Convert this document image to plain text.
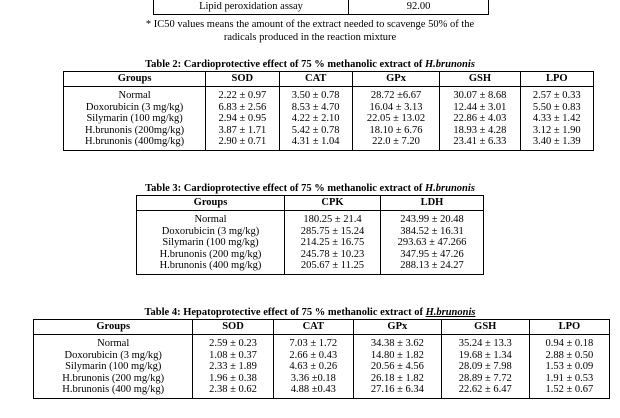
Lipid peroxidation assay	92.00
* IC50 values means the amount of the extract needed to scavenge 50% of the
radicals produced in the reaction mixture
Table 2: Cardioprotective effect of 75 % methanolic extract of H.brunonis
Groups	SOD	CAT	GPx	GSH	LPO
Normal	2.22 ± 0.97	3.50 ± 0.78	28.72 ±6.67	30.07 ± 8.68	2.57 ± 0.33
Doxorubicin (3 mg/kg)	6.83 ± 2.56	8.53 ± 4.70	16.04 ± 3.13	12.44 ± 3.01	5.50 ± 0.83
Silymarin (100 mg/kg)	2.94 ± 0.95	4.22 ± 2.10	22.05 ± 13.02	22.86 ± 4.03	4.33 ± 1.42
H.brunonis (200mg/kg)	3.87 ± 1.71	5.42 ± 0.78	18.10 ± 6.76	18.93 ± 4.28	3.12 ± 1.90
H.brunonis (400mg/kg)	2.90 ± 0.71	4.31 ± 1.04	22.0 ± 7.20	23.41 ± 6.33	3.40 ± 1.39
Table 3: Cardioprotective effect of 75 % methanolic extract of H.brunonis
Groups	CPK	LDH
Normal	180.25 ± 21.4	243.99 ± 20.48
Doxorubicin (3 mg/kg)	285.75 ± 15.24	384.52 ± 16.31
Silymarin (100 mg/kg)	214.25 ± 16.75	293.63 ± 47.266
H.brunonis (200 mg/kg)	245.78 ± 10.23	347.95 ± 47.26
H.brunonis (400 mg/kg)	205.67 ± 11.25	288.13 ± 24.27
Table 4: Hepatoprotective effect of 75 % methanolic extract of H.brunonis
Groups	SOD	CAT	GPx	GSH	LPO
Normal	2.59 ± 0.23	7.03 ± 1.72	34.38 ± 3.62	35.24 ± 13.3	0.94 ± 0.18
Doxorubicin (3 mg/kg)	1.08 ± 0.37	2.66 ± 0.43	14.80 ± 1.82	19.68 ± 1.34	2.88 ± 0.50
Silymarin (100 mg/kg)	2.33 ± 1.89	4.63 ± 0.26	20.56 ± 4.56	28.09 ± 7.98	1.53 ± 0.09
H.brunonis (200 mg/kg)	1.96 ± 0.38	3.36 ±0.18	26.18 ± 1.82	28.89 ± 7.72	1.91 ± 0.53
H.brunonis (400 mg/kg)	2.38 ± 0.62	4.88 ±0.43	27.16 ± 6.34	22.62 ± 6.47	1.52 ± 0.67
